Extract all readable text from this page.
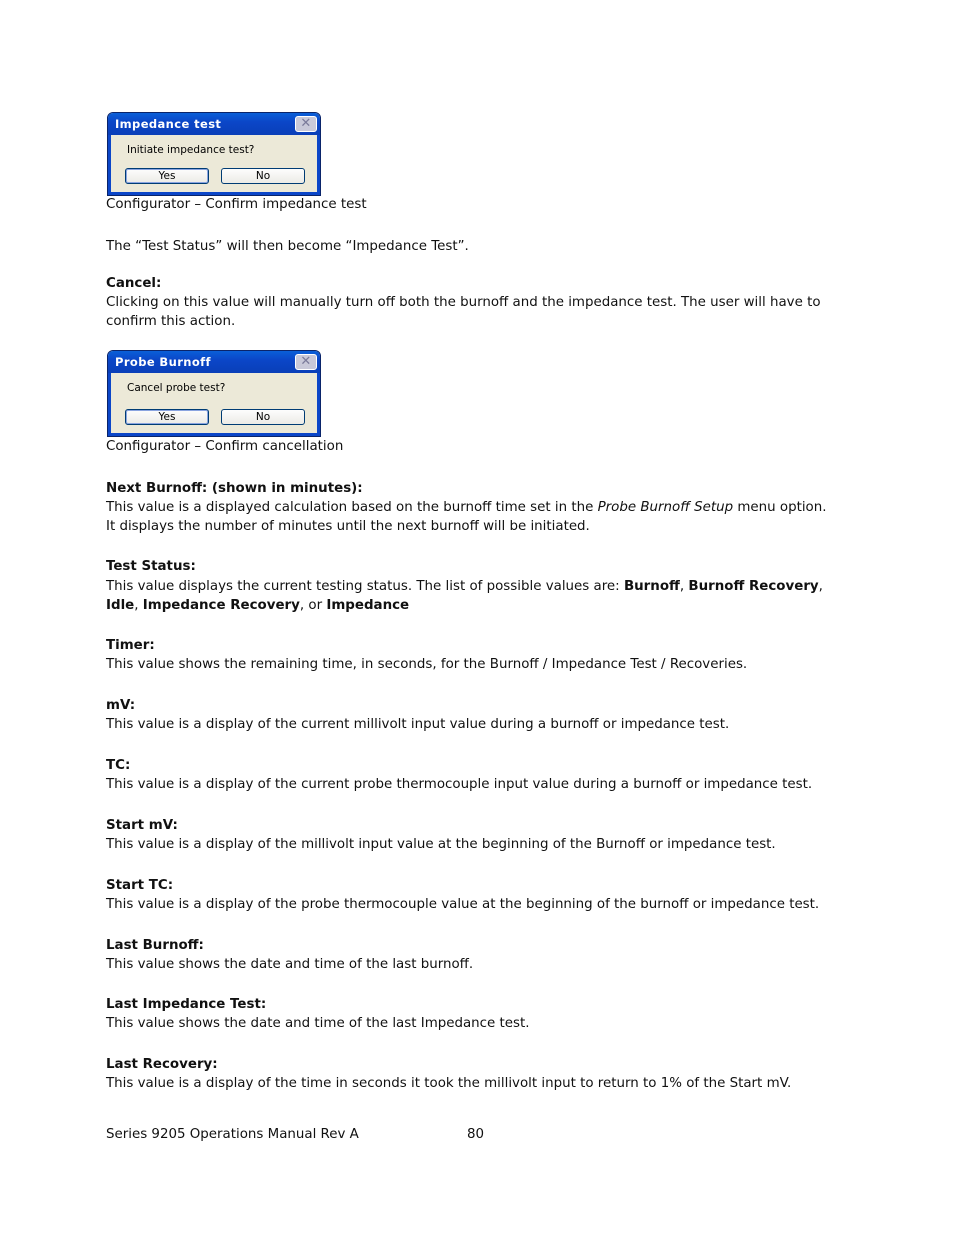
Impedance test	✕
Initiate impedance test?
Yes	No
Configurator – Confirm impedance test
The “Test Status” will then become “Impedance Test”.
Cancel:
Clicking on this value will manually turn off both the burnoff and the impedance test. The user will have to
confirm this action.
Probe Burnoff	✕
Cancel probe test?
Yes	No
Configurator – Confirm cancellation
Next Burnoff: (shown in minutes):
This value is a displayed calculation based on the burnoff time set in the Probe Burnoff Setup menu option.
It displays the number of minutes until the next burnoff will be initiated.
Test Status:
This value displays the current testing status. The list of possible values are: Burnoff, Burnoff Recovery,
Idle, Impedance Recovery, or Impedance
Timer:
This value shows the remaining time, in seconds, for the Burnoff / Impedance Test / Recoveries.
mV:
This value is a display of the current millivolt input value during a burnoff or impedance test.
TC:
This value is a display of the current probe thermocouple input value during a burnoff or impedance test.
Start mV:
This value is a display of the millivolt input value at the beginning of the Burnoff or impedance test.
Start TC:
This value is a display of the probe thermocouple value at the beginning of the burnoff or impedance test.
Last Burnoff:
This value shows the date and time of the last burnoff.
Last Impedance Test:
This value shows the date and time of the last Impedance test.
Last Recovery:
This value is a display of the time in seconds it took the millivolt input to return to 1% of the Start mV.
Series 9205 Operations Manual Rev A	80
